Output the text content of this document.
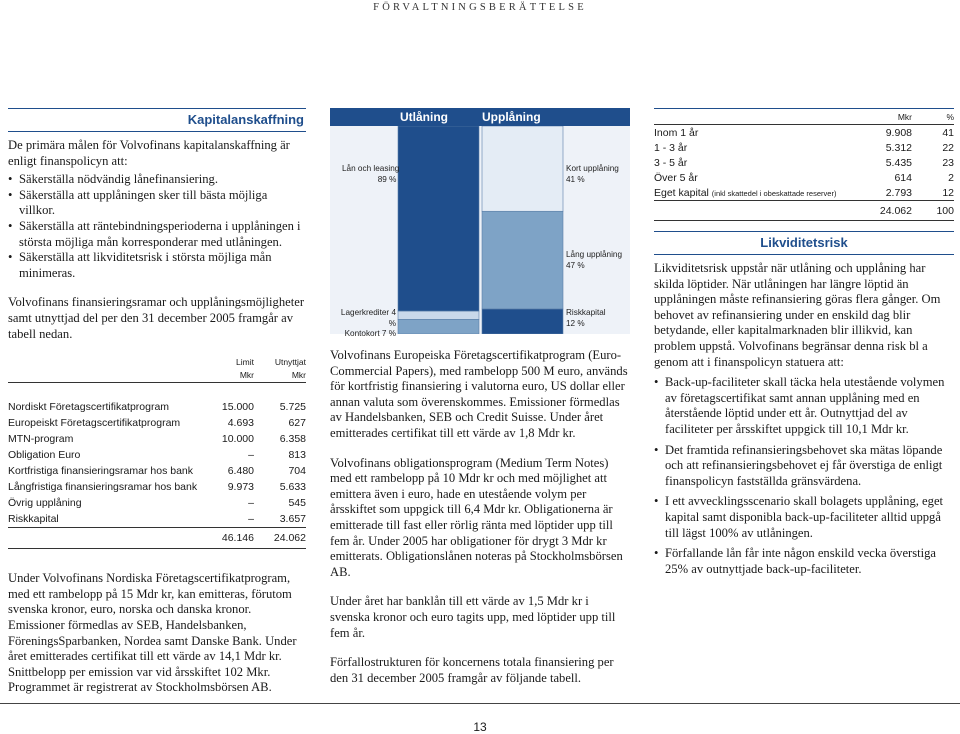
FÖRVALTNINGSBERÄTTELSE
Kapitalanskaffning

De primära målen för Volvofinans kapitalanskaffning är enligt finanspolicyn att:

• Säkerställa nödvändig lånefinansiering.
• Säkerställa att upplåningen sker till bästa möjliga villkor.
• Säkerställa att räntebindningsperioderna i upplåningen i största möjliga mån korresponderar med utlåningen.
• Säkerställa att likviditetsrisk i största möjliga mån minimeras.

Volvofinans finansieringsramar och upplåningsmöjligheter samt utnyttjad del per den 31 december 2005 framgår av tabell nedan.

	Limit	Utnyttjat
	Mkr	Mkr

Nordiskt Företagscertifikatprogram	15.000	5.725
Europeiskt Företagscertifikatprogram	4.693	627
MTN-program	10.000	6.358
Obligation Euro	–	813
Kortfristiga finansieringsramar hos bank	6.480	704
Långfristiga finansieringsramar hos bank	9.973	5.633
Övrig upplåning	–	545
Riskkapital	–	3.657
	46.146	24.062

Under Volvofinans Nordiska Företagscertifikatprogram, med ett rambelopp på 15 Mdr kr, kan emitteras, förutom svenska kronor, euro, norska och danska kronor. Emissioner förmedlas av SEB, Handelsbanken, FöreningsSparbanken, Nordea samt Danske Bank. Under året emitterades certifikat till ett värde av 14,1 Mdr kr. Snittbelopp per emission var vid årsskiftet 102 Mkr. Programmet är registrerat av Stockholmsbörsen AB.

Utlåning	Upplåning
Lån och leasing
89 %
Lagerkrediter 4 %
Kontokort 7 %
Kort upplåning
41 %
Lång upplåning
47 %
Riskkapital
12 %

Volvofinans Europeiska Företagscertifikatprogram (Euro-Commercial Papers), med rambelopp 500 M euro, används för kortfristig finansiering i valutorna euro, US dollar eller annan valuta som överenskommes. Emissioner förmedlas av Handelsbanken, SEB och Credit Suisse. Under året emitterades certifikat till ett värde av 1,8 Mdr kr.

Volvofinans obligationsprogram (Medium Term Notes) med ett rambelopp på 10 Mdr kr och med möjlighet att emittera även i euro, hade en utestående volym per årsskiftet som uppgick till 6,4 Mdr kr. Obligationerna är emitterade till fast eller rörlig ränta med löptider upp till fem år. Under 2005 har obligationer för drygt 3 Mdr kr emitterats. Obligationslånen noteras på Stockholmsbörsen AB.

Under året har banklån till ett värde av 1,5 Mdr kr i svenska kronor och euro tagits upp, med löptider upp till fem år.

Förfallostrukturen för koncernens totala finansiering per den 31 december 2005 framgår av följande tabell.

	Mkr	%
Inom 1 år	9.908	41
1 - 3 år	5.312	22
3 - 5 år	5.435	23
Över 5 år	614	2
Eget kapital (inkl skattedel i obeskattade reserver)	2.793	12
	24.062	100
Likviditetsrisk

Likviditetsrisk uppstår när utlåning och upplåning har skilda löptider. När utlåningen har längre löptid än upplåningen måste refinansiering göras flera gånger. Om behovet av refinansiering under en enskild dag blir betydande, eller kapitalmarknaden blir illikvid, kan problem uppstå. Volvofinans begränsar denna risk bl a genom att i finanspolicyn statuera att:

• Back-up-faciliteter skall täcka hela utestående volymen av företagscertifikat samt annan upplåning med en återstående löptid under ett år. Outnyttjad del av faciliteter per årsskiftet uppgick till 10,1 Mdr kr.
• Det framtida refinansieringsbehovet ska mätas löpande och att refinansieringsbehovet ej får överstiga de enligt finanspolicyn fastställda gränsvärdena.
• I ett avvecklingsscenario skall bolagets upplåning, eget kapital samt disponibla back-up-faciliteter alltid uppgå till lägst 100% av utlåningen.
• Förfallande lån får inte någon enskild vecka överstiga 25% av outnyttjade back-up-faciliteter.
13
